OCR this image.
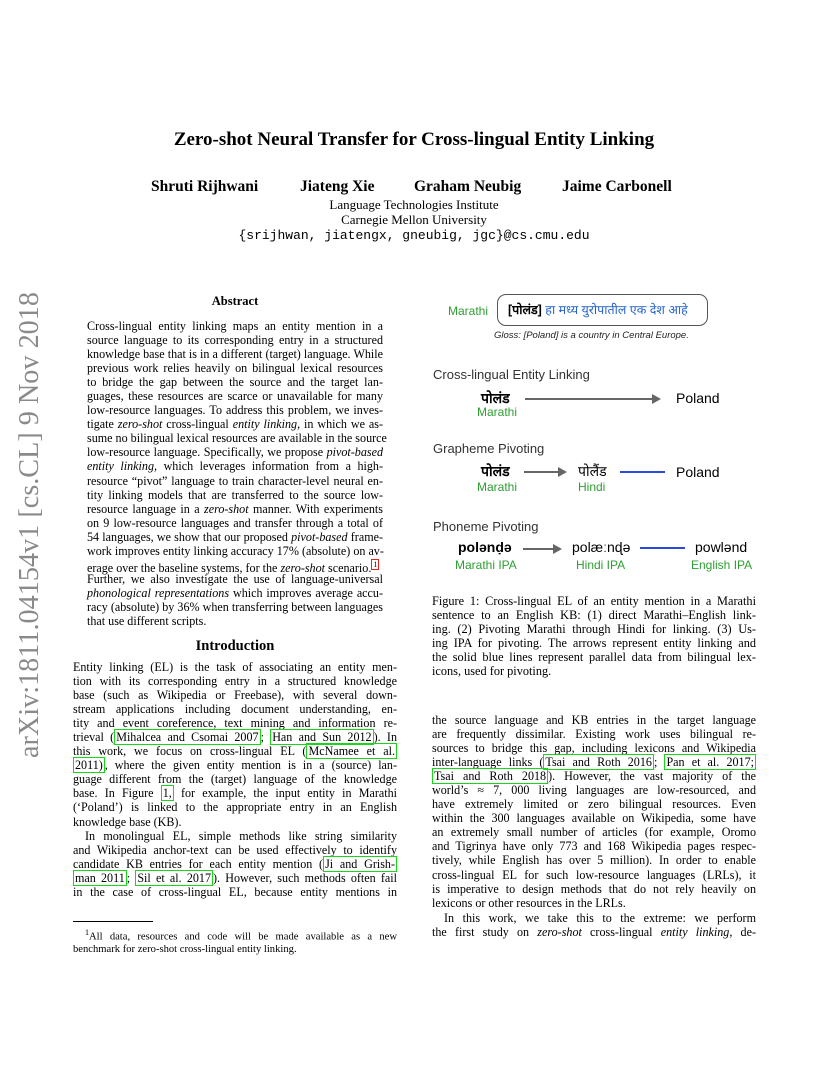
arXiv:1811.04154v1 [cs.CL] 9 Nov 2018
Zero-shot Neural Transfer for Cross-lingual Entity Linking
Shruti Rijhwani	Jiateng Xie	Graham Neubig	Jaime Carbonell
Language Technologies Institute
Carnegie Mellon University
{srijhwan, jiatengx, gneubig, jgc}@cs.cmu.edu
Abstract
Cross-lingual entity linking maps an entity mention in a
source language to its corresponding entry in a structured
knowledge base that is in a different (target) language. While
previous work relies heavily on bilingual lexical resources
to bridge the gap between the source and the target lan-
guages, these resources are scarce or unavailable for many
low-resource languages. To address this problem, we inves-
tigate zero-shot cross-lingual entity linking, in which we as-
sume no bilingual lexical resources are available in the source
low-resource language. Specifically, we propose pivot-based
entity linking, which leverages information from a high-
resource “pivot” language to train character-level neural en-
tity linking models that are transferred to the source low-
resource language in a zero-shot manner. With experiments
on 9 low-resource languages and transfer through a total of
54 languages, we show that our proposed pivot-based frame-
work improves entity linking accuracy 17% (absolute) on av-
erage over the baseline systems, for the zero-shot scenario. $^1$
Further, we also investigate the use of language-universal
phonological representations which improves average accu-
racy (absolute) by 36% when transferring between languages
that use different scripts.
Introduction
Entity linking (EL) is the task of associating an entity men-
tion with its corresponding entry in a structured knowledge
base (such as Wikipedia or Freebase), with several down-
stream applications including document understanding, en-
tity and event coreference, text mining and information re-
trieval ( Mihalcea and Csomai 2007 ; Han and Sun 2012 ). In
this work, we focus on cross-lingual EL ( McNamee et al.
2011) , where the given entity mention is in a (source) lan-
guage different from the (target) language of the knowledge
base. In Figure 1, for example, the input entity in Marathi
(‘Poland’) is linked to the appropriate entry in an English
knowledge base (KB).
In monolingual EL, simple methods like string similarity
and Wikipedia anchor-text can be used effectively to identify
candidate KB entries for each entity mention ( Ji and Grish-
man 2011 ; Sil et al. 2017 ). However, such methods often fail
in the case of cross-lingual EL, because entity mentions in
$^1$All data, resources and code will be made available as a new
benchmark for zero-shot cross-lingual entity linking.
Marathi [पोलंड] हा मध्य युरोपातील एक देश आहे
Gloss: [Poland] is a country in Central Europe.
Cross-lingual Entity Linking
पोलंड
Marathi
Poland
Grapheme Pivoting
पोलंड
Marathi
पोलैंड
Hindi
Poland
Phoneme Pivoting
polənḍə
Marathi IPA
polæːnɖə
Hindi IPA
powlənd
English IPA
Figure 1: Cross-lingual EL of an entity mention in a Marathi
sentence to an English KB: (1) direct Marathi–English link-
ing. (2) Pivoting Marathi through Hindi for linking. (3) Us-
ing IPA for pivoting. The arrows represent entity linking and
the solid blue lines represent parallel data from bilingual lex-
icons, used for pivoting.
the source language and KB entries in the target language
are frequently dissimilar. Existing work uses bilingual re-
sources to bridge this gap, including lexicons and Wikipedia
inter-language links ( Tsai and Roth 2016 ; Pan et al. 2017;
Tsai and Roth 2018 ). However, the vast majority of the
world’s ≈ 7, 000 living languages are low-resourced, and
have extremely limited or zero bilingual resources. Even
within the 300 languages available on Wikipedia, some have
an extremely small number of articles (for example, Oromo
and Tigrinya have only 773 and 168 Wikipedia pages respec-
tively, while English has over 5 million). In order to enable
cross-lingual EL for such low-resource languages (LRLs), it
is imperative to design methods that do not rely heavily on
lexicons or other resources in the LRLs.
In this work, we take this to the extreme: we perform
the first study on zero-shot cross-lingual entity linking, de-
